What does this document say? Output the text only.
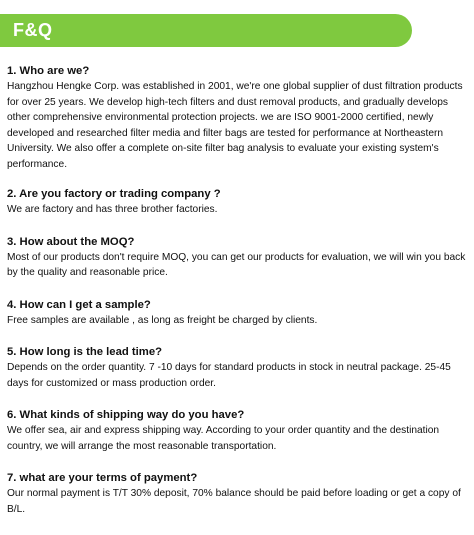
F&Q
1. Who are we?
Hangzhou Hengke Corp. was established in 2001, we're one global supplier of dust filtration products for over 25 years. We develop high-tech filters and dust removal products, and gradually develops other comprehensive environmental protection projects. we are ISO 9001-2000 certified, newly developed and researched filter media and filter bags are tested for performance at Northeastern University. We also offer a complete on-site filter bag analysis to evaluate your existing system's performance.
2. Are you factory or trading company ?
We are factory and has three brother factories.
3. How about the MOQ?
Most of our products don't require MOQ, you can get our products for evaluation, we will win you back by the quality and reasonable price.
4. How can I get a sample?
Free samples are available , as long as freight be charged by clients.
5. How long is the lead time?
Depends on the order quantity. 7 -10 days for standard products in stock in neutral package. 25-45 days for customized or mass production order.
6. What kinds of shipping way do you have?
We offer sea, air and express shipping way. According to your order quantity and the destination country, we will arrange the most reasonable transportation.
7. what are your terms of payment?
Our normal payment is T/T 30% deposit, 70% balance should be paid before loading or get a copy of B/L.
